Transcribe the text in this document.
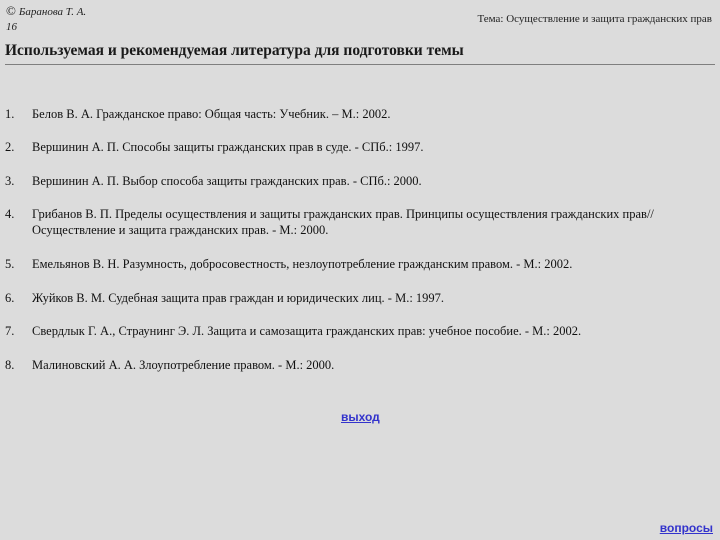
© Баранова Т. А.
16
Тема: Осуществление и защита гражданских прав
Используемая и рекомендуемая литература для подготовки темы
1.	Белов В. А. Гражданское право: Общая часть: Учебник. – М.: 2002.
2.	Вершинин А. П. Способы защиты гражданских прав в суде. - СПб.: 1997.
3.	Вершинин А. П. Выбор способа защиты гражданских прав. - СПб.: 2000.
4.	Грибанов В. П. Пределы осуществления и защиты гражданских прав. Принципы осуществления гражданских прав// Осуществление и защита гражданских прав. - М.: 2000.
5.	Емельянов В. Н. Разумность, добросовестность, незлоупотребление гражданским правом. - М.: 2002.
6.	Жуйков В. М. Судебная защита прав граждан и юридических лиц. - М.: 1997.
7.	Свердлык Г. А., Страунинг Э. Л. Защита и самозащита гражданских прав: учебное пособие. - М.: 2002.
8.	Малиновский А. А. Злоупотребление правом. - М.: 2000.
выход
вопросы
